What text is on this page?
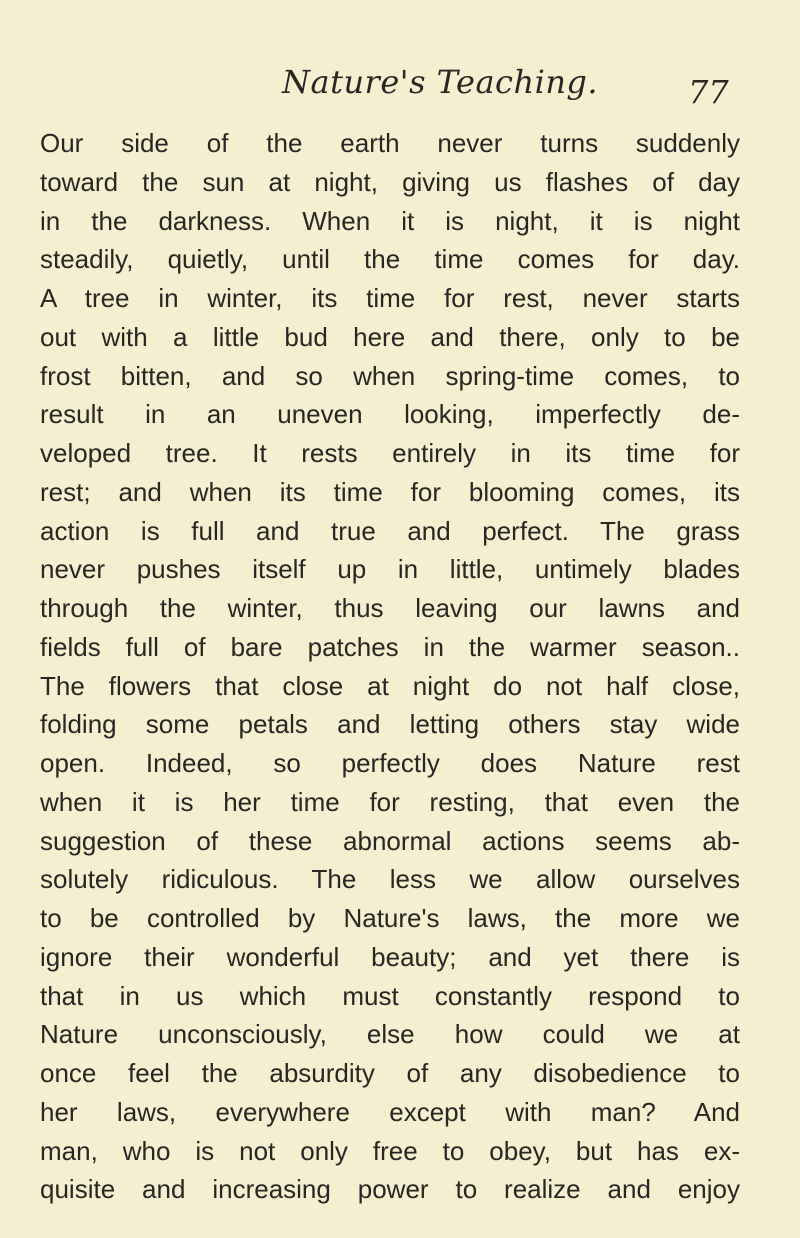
Nature's Teaching.	77
Our side of the earth never turns suddenly
toward the sun at night, giving us flashes of day
in the darkness. When it is night, it is night
steadily, quietly, until the time comes for day.
A tree in winter, its time for rest, never starts
out with a little bud here and there, only to be
frost bitten, and so when spring-time comes, to
result in an uneven looking, imperfectly de-
veloped tree. It rests entirely in its time for
rest; and when its time for blooming comes, its
action is full and true and perfect. The grass
never pushes itself up in little, untimely blades
through the winter, thus leaving our lawns and
fields full of bare patches in the warmer season..
The flowers that close at night do not half close,
folding some petals and letting others stay wide
open. Indeed, so perfectly does Nature rest
when it is her time for resting, that even the
suggestion of these abnormal actions seems ab-
solutely ridiculous. The less we allow ourselves
to be controlled by Nature's laws, the more we
ignore their wonderful beauty; and yet there is
that in us which must constantly respond to
Nature unconsciously, else how could we at
once feel the absurdity of any disobedience to
her laws, everywhere except with man? And
man, who is not only free to obey, but has ex-
quisite and increasing power to realize and enjoy
